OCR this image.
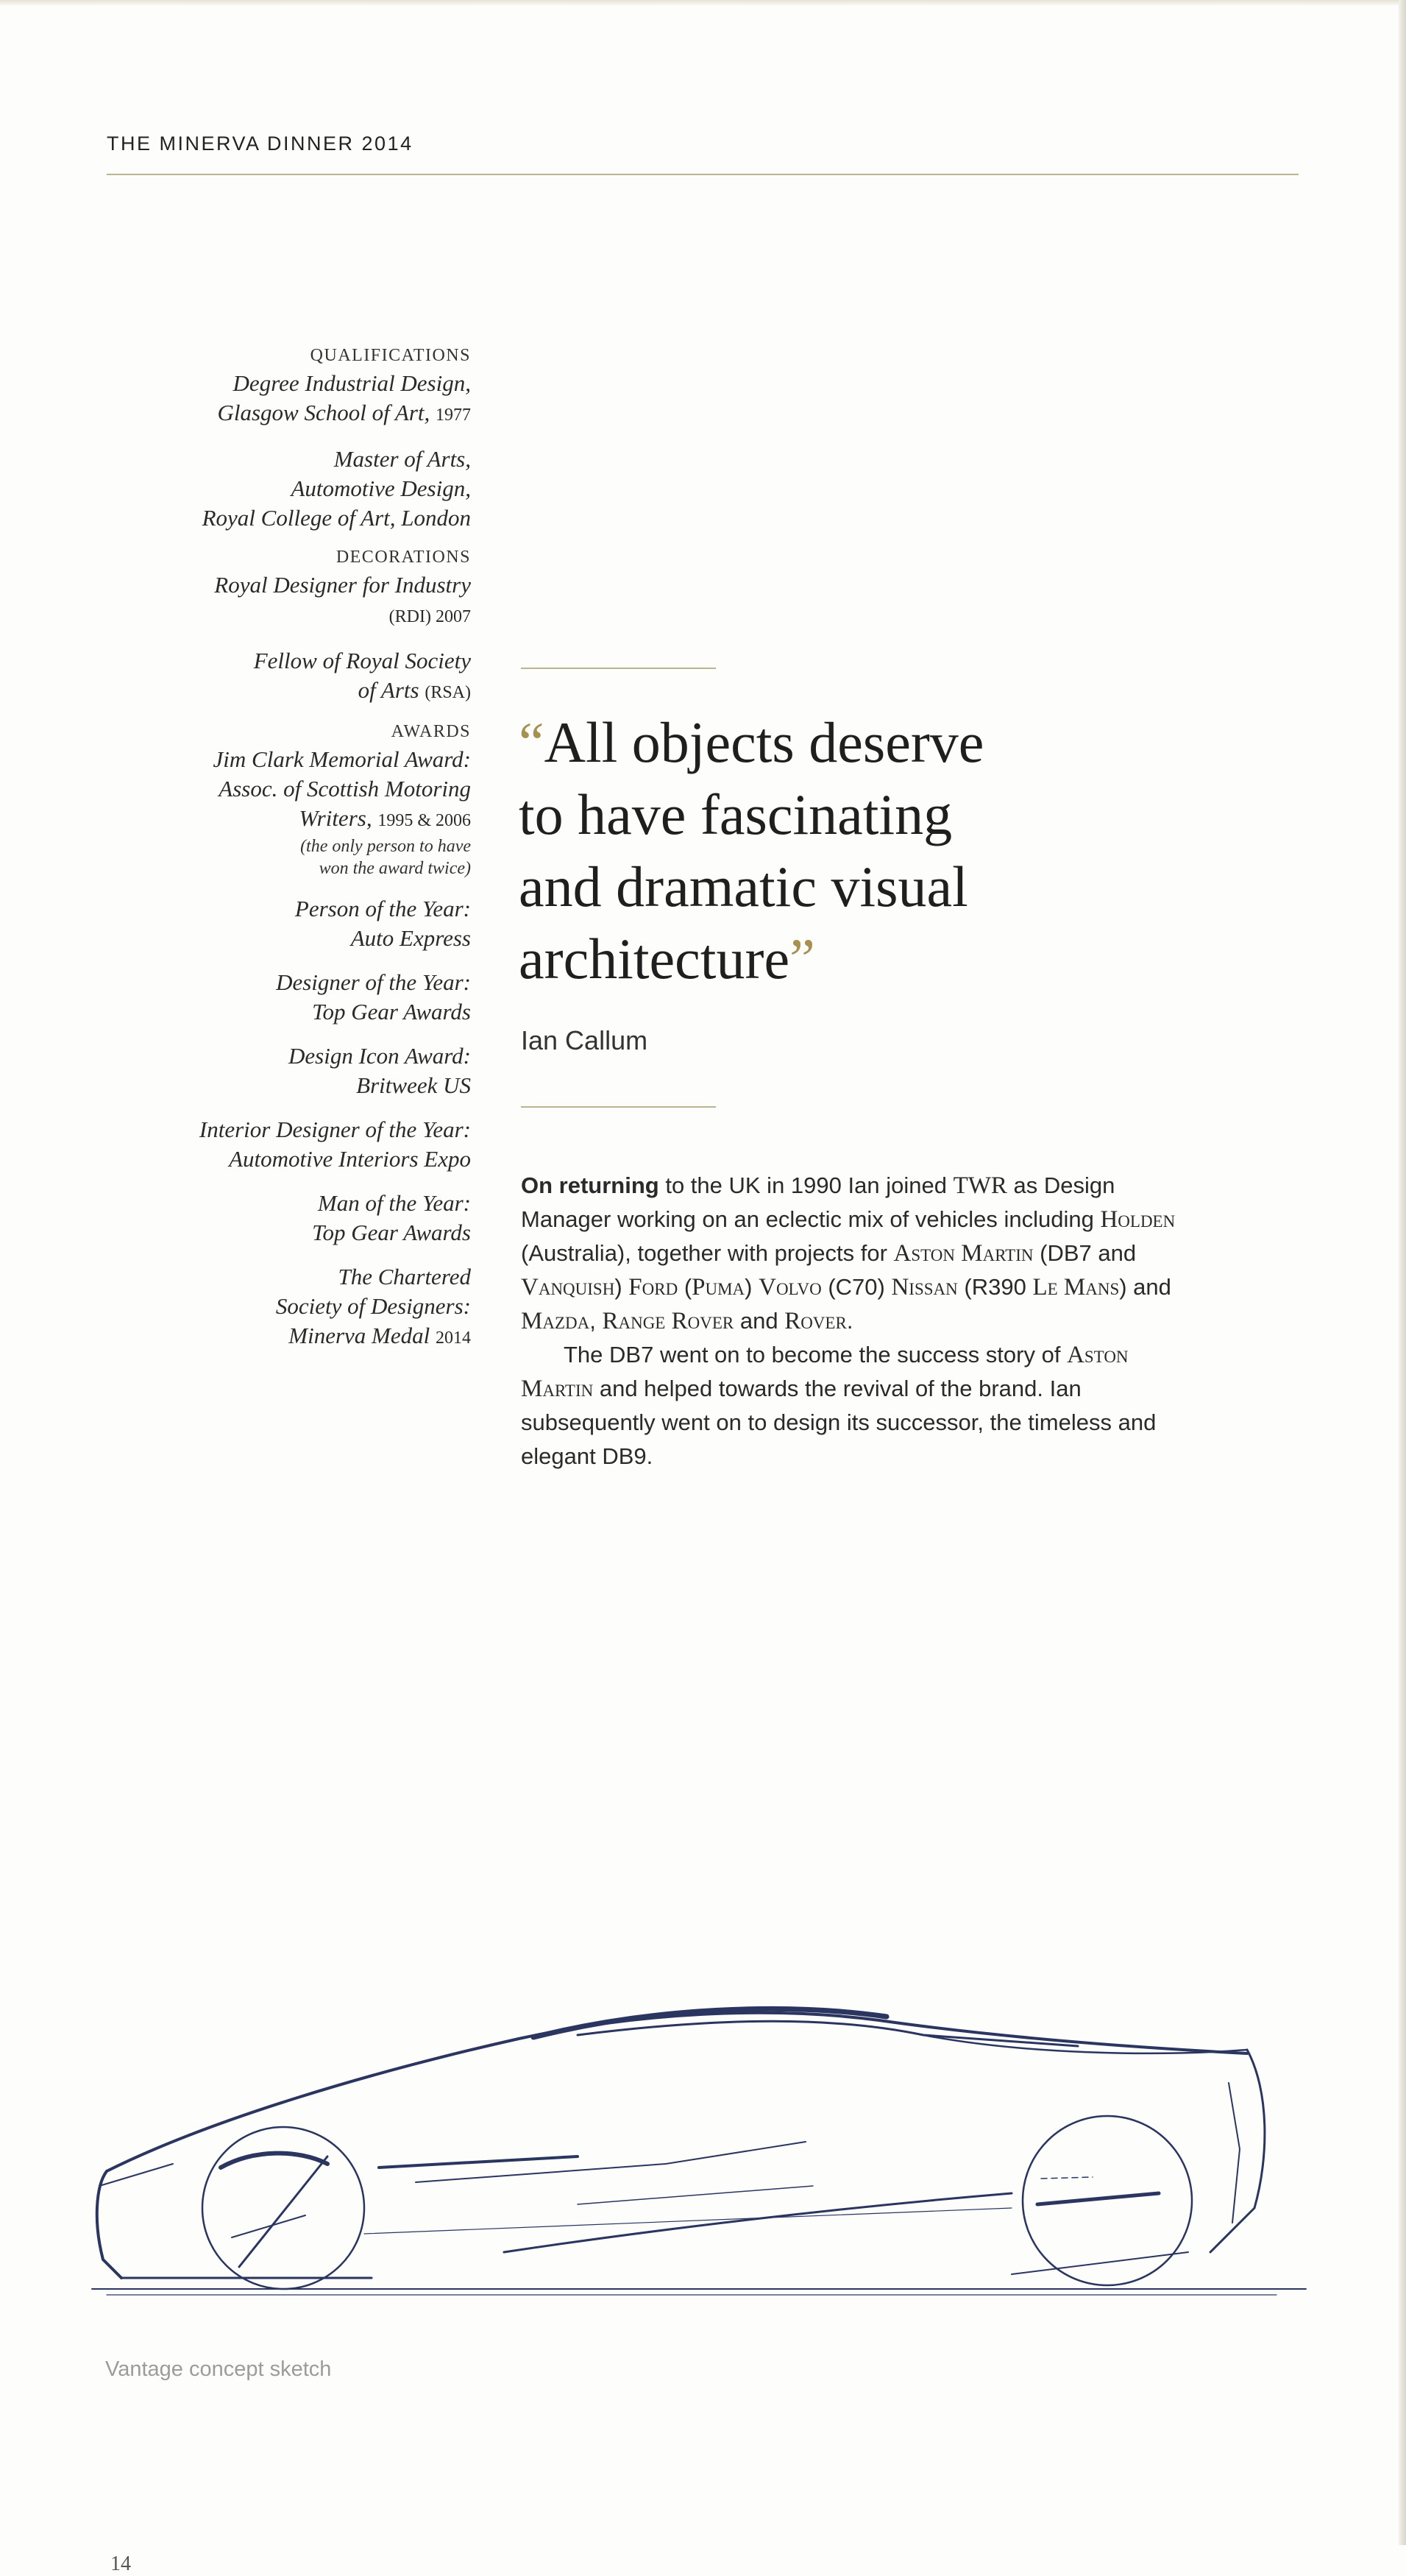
THE MINERVA DINNER 2014
QUALIFICATIONS
Degree Industrial Design,
Glasgow School of Art, 1977
Master of Arts,
Automotive Design,
Royal College of Art, London
DECORATIONS
Royal Designer for Industry
(RDI) 2007
Fellow of Royal Society
of Arts (RSA)
AWARDS
Jim Clark Memorial Award:
Assoc. of Scottish Motoring
Writers, 1995 & 2006
(the only person to have
won the award twice)
Person of the Year:
Auto Express
Designer of the Year:
Top Gear Awards
Design Icon Award:
Britweek US
Interior Designer of the Year:
Automotive Interiors Expo
Man of the Year:
Top Gear Awards
The Chartered
Society of Designers:
Minerva Medal 2014
“All objects deserve
to have fascinating
and dramatic visual
architecture”
Ian Callum

On returning to the UK in 1990 Ian joined TWR as Design Manager working on an eclectic mix of vehicles including Holden (Australia), together with projects for Aston Martin (DB7 and Vanquish) Ford (Puma) Volvo (C70) Nissan (R390 Le Mans) and Mazda, Range Rover and Rover.

The DB7 went on to become the success story of Aston Martin and helped towards the revival of the brand. Ian subsequently went on to design its successor, the timeless and elegant DB9.

Vantage concept sketch
14
